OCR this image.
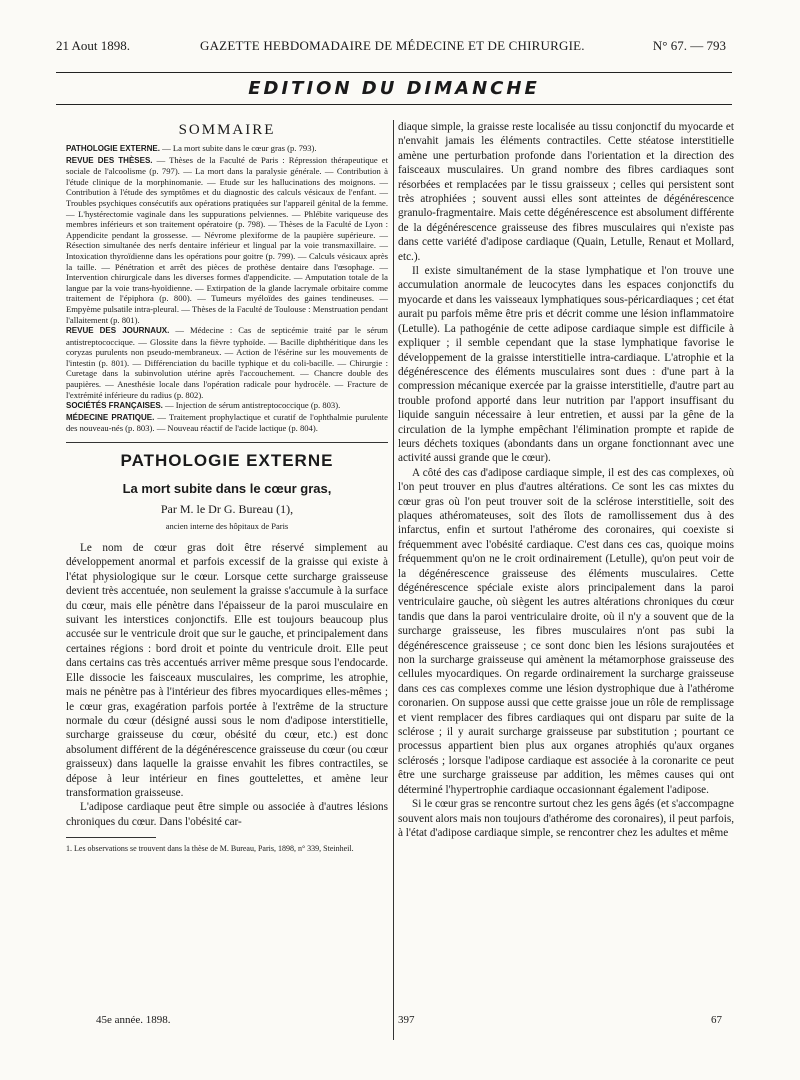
21 Aout 1898.	GAZETTE HEBDOMADAIRE DE MÉDECINE ET DE CHIRURGIE.	N° 67. — 793
EDITION DU DIMANCHE
SOMMAIRE

PATHOLOGIE EXTERNE. — La mort subite dans le cœur gras (p. 793).

REVUE DES THÈSES. — Thèses de la Faculté de Paris : Répression thérapeutique et sociale de l'alcoolisme (p. 797). — La mort dans la paralysie générale. — Contribution à l'étude clinique de la morphinomanie. — Etude sur les hallucinations des moignons. — Contribution à l'étude des symptômes et du diagnostic des calculs vésicaux de l'enfant. — Troubles psychiques consécutifs aux opérations pratiquées sur l'appareil génital de la femme. — L'hystérectomie vaginale dans les suppurations pelviennes. — Phlébite variqueuse des membres inférieurs et son traitement opératoire (p. 798). — Thèses de la Faculté de Lyon : Appendicite pendant la grossesse. — Névrome plexiforme de la paupière supérieure. — Résection simultanée des nerfs dentaire inférieur et lingual par la voie transmaxillaire. — Intoxication thyroïdienne dans les opérations pour goitre (p. 799). — Calculs vésicaux après la taille. — Pénétration et arrêt des pièces de prothèse dentaire dans l'œsophage. — Intervention chirurgicale dans les diverses formes d'appendicite. — Amputation totale de la langue par la voie trans-hyoïdienne. — Extirpation de la glande lacrymale orbitaire comme traitement de l'épiphora (p. 800). — Tumeurs myéloïdes des gaines tendineuses. — Empyème pulsatile intra-pleural. — Thèses de la Faculté de Toulouse : Menstruation pendant l'allaitement (p. 801).

REVUE DES JOURNAUX. — Médecine : Cas de septicémie traité par le sérum antistreptococcique. — Glossite dans la fièvre typhoïde. — Bacille diphthéritique dans les coryzas purulents non pseudo-membraneux. — Action de l'ésérine sur les mouvements de l'intestin (p. 801). — Différenciation du bacille typhique et du coli-bacille. — Chirurgie : Curetage dans la subinvolution utérine après l'accouchement. — Chancre double des paupières. — Anesthésie locale dans l'opération radicale pour hydrocèle. — Fracture de l'extrémité inférieure du radius (p. 802).

SOCIÉTÉS FRANÇAISES. — Injection de sérum antistreptococcique (p. 803).

MÉDECINE PRATIQUE. — Traitement prophylactique et curatif de l'ophthalmie purulente des nouveau-nés (p. 803). — Nouveau réactif de l'acide lactique (p. 804).

PATHOLOGIE EXTERNE
La mort subite dans le cœur gras,
Par M. le Dr G. Bureau (1),
ancien interne des hôpitaux de Paris

Le nom de cœur gras doit être réservé simplement au développement anormal et parfois excessif de la graisse qui existe à l'état physiologique sur le cœur. Lorsque cette surcharge graisseuse devient très accentuée, non seulement la graisse s'accumule à la surface du cœur, mais elle pénètre dans l'épaisseur de la paroi musculaire en suivant les interstices conjonctifs. Elle est toujours beaucoup plus accusée sur le ventricule droit que sur le gauche, et principalement dans certaines régions : bord droit et pointe du ventricule droit. Elle peut dans certains cas très accentués arriver même presque sous l'endocarde. Elle dissocie les faisceaux musculaires, les comprime, les atrophie, mais ne pénètre pas à l'intérieur des fibres myocardiques elles-mêmes ; le cœur gras, exagération parfois portée à l'extrême de la structure normale du cœur (désigné aussi sous le nom d'adipose interstitielle, surcharge graisseuse du cœur, obésité du cœur, etc.) est donc absolument différent de la dégénérescence graisseuse du cœur (ou cœur graisseux) dans laquelle la graisse envahit les fibres contractiles, se dépose à leur intérieur en fines gouttelettes, et amène leur transformation graisseuse.

L'adipose cardiaque peut être simple ou associée à d'autres lésions chroniques du cœur. Dans l'obésité car-

1. Les observations se trouvent dans la thèse de M. Bureau, Paris, 1898, n° 339, Steinheil.

diaque simple, la graisse reste localisée au tissu conjonctif du myocarde et n'envahit jamais les éléments contractiles. Cette stéatose interstitielle amène une perturbation profonde dans l'orientation et la direction des faisceaux musculaires. Un grand nombre des fibres cardiaques sont résorbées et remplacées par le tissu graisseux ; celles qui persistent sont très atrophiées ; souvent aussi elles sont atteintes de dégénérescence granulo-fragmentaire. Mais cette dégénérescence est absolument différente de la dégénérescence graisseuse des fibres musculaires qui n'existe pas dans cette variété d'adipose cardiaque (Quain, Letulle, Renaut et Mollard, etc.).

Il existe simultanément de la stase lymphatique et l'on trouve une accumulation anormale de leucocytes dans les espaces conjonctifs du myocarde et dans les vaisseaux lymphatiques sous-péricardiaques ; cet état aurait pu parfois même être pris et décrit comme une lésion inflammatoire (Letulle). La pathogénie de cette adipose cardiaque simple est difficile à expliquer ; il semble cependant que la stase lymphatique favorise le développement de la graisse interstitielle intra-cardiaque. L'atrophie et la dégénérescence des éléments musculaires sont dues : d'une part à la compression mécanique exercée par la graisse interstitielle, d'autre part au trouble profond apporté dans leur nutrition par l'apport insuffisant du liquide sanguin nécessaire à leur entretien, et aussi par la gêne de la circulation de la lymphe empêchant l'élimination prompte et rapide de leurs déchets toxiques (abondants dans un organe fonctionnant avec une activité aussi grande que le cœur).

A côté des cas d'adipose cardiaque simple, il est des cas complexes, où l'on peut trouver en plus d'autres altérations. Ce sont les cas mixtes du cœur gras où l'on peut trouver soit de la sclérose interstitielle, soit des plaques athéromateuses, soit des îlots de ramollissement dus à des infarctus, enfin et surtout l'athérome des coronaires, qui coexiste si fréquemment avec l'obésité cardiaque. C'est dans ces cas, quoique moins fréquemment qu'on ne le croit ordinairement (Letulle), qu'on peut voir de la dégénérescence graisseuse des éléments musculaires. Cette dégénérescence spéciale existe alors principalement dans la paroi ventriculaire gauche, où siègent les autres altérations chroniques du cœur tandis que dans la paroi ventriculaire droite, où il n'y a souvent que de la surcharge graisseuse, les fibres musculaires n'ont pas subi la dégénérescence graisseuse ; ce sont donc bien les lésions surajoutées et non la surcharge graisseuse qui amènent la métamorphose graisseuse des cellules myocardiques. On regarde ordinairement la surcharge graisseuse dans ces cas complexes comme une lésion dystrophique due à l'athérome coronarien. On suppose aussi que cette graisse joue un rôle de remplissage et vient remplacer des fibres cardiaques qui ont disparu par suite de la sclérose ; il y aurait surcharge graisseuse par substitution ; pourtant ce processus appartient bien plus aux organes atrophiés qu'aux organes sclérosés ; lorsque l'adipose cardiaque est associée à la coronarite ce peut être une surcharge graisseuse par addition, les mêmes causes qui ont déterminé l'hypertrophie cardiaque occasionnant également l'adipose.

Si le cœur gras se rencontre surtout chez les gens âgés (et s'accompagne souvent alors mais non toujours d'athérome des coronaires), il peut parfois, à l'état d'adipose cardiaque simple, se rencontrer chez les adultes et même

45e année. 1898.	397	67
